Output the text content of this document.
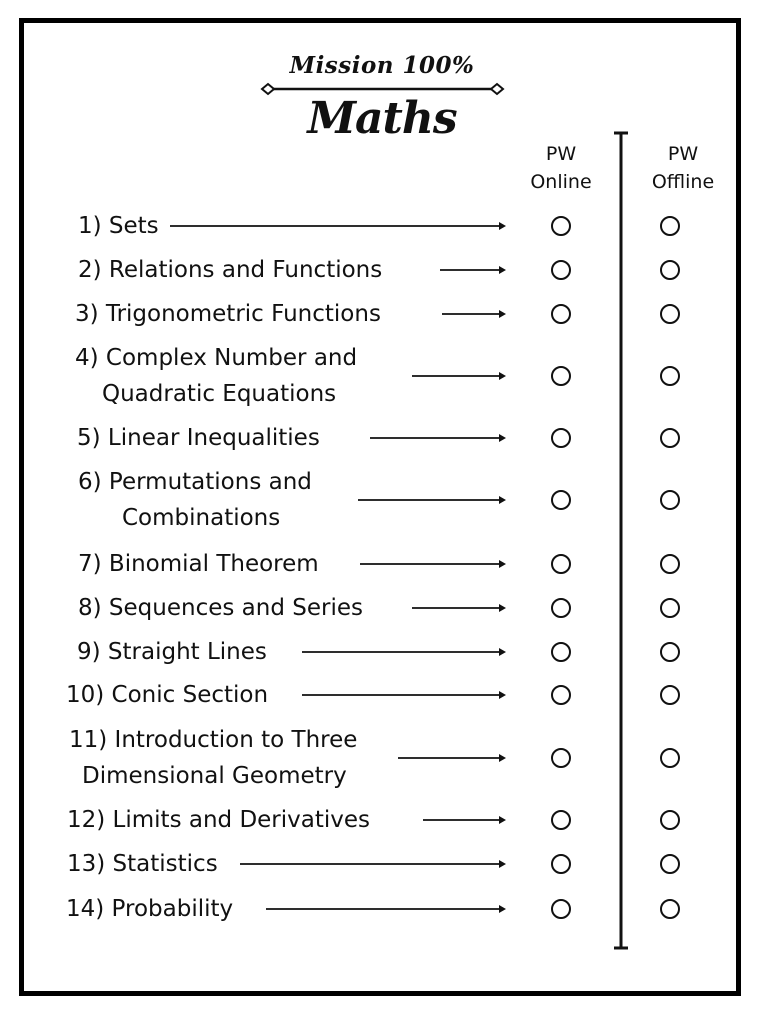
Mission 100%
Maths
PW
Online
PW
Offline
1) Sets
2) Relations and Functions
3) Trigonometric Functions
4) Complex Number and
Quadratic Equations
5) Linear Inequalities
6) Permutations and
Combinations
7) Binomial Theorem
8) Sequences and Series
9) Straight Lines
10) Conic Section
11) Introduction to Three
Dimensional Geometry
12) Limits and Derivatives
13) Statistics
14) Probability
